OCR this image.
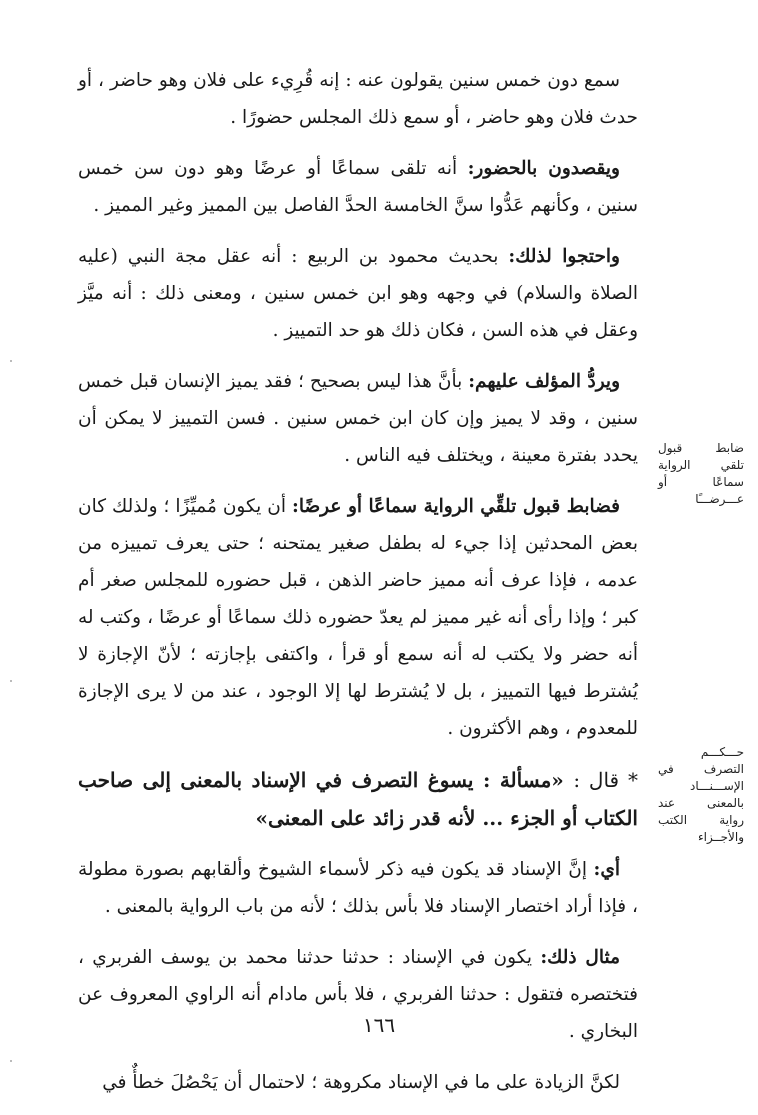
سمع دون خمس سنين يقولون عنه : إنه قُرِيء على فلان وهو حاضر ، أو حدث فلان وهو حاضر ، أو سمع ذلك المجلس حضورًا .

ويقصدون بالحضور: أنه تلقى سماعًا أو عرضًا وهو دون سن خمس سنين ، وكأنهم عَدُّوا سنَّ الخامسة الحدَّ الفاصل بين المميز وغير المميز .

واحتجوا لذلك: بحديث محمود بن الربيع : أنه عقل مجة النبي (عليه الصلاة والسلام) في وجهه وهو ابن خمس سنين ، ومعنى ذلك : أنه ميَّز وعقل في هذه السن ، فكان ذلك هو حد التمييز .

ويردُّ المؤلف عليهم: بأنَّ هذا ليس بصحيح ؛ فقد يميز الإنسان قبل خمس سنين ، وقد لا يميز وإن كان ابن خمس سنين . فسن التمييز لا يمكن أن يحدد بفترة معينة ، ويختلف فيه الناس .

فضابط قبول تلقِّي الرواية سماعًا أو عرضًا: أن يكون مُميِّزًا ؛ ولذلك كان بعض المحدثين إذا جيء له بطفل صغير يمتحنه ؛ حتى يعرف تمييزه من عدمه ، فإذا عرف أنه مميز حاضر الذهن ، قبل حضوره للمجلس صغر أم كبر ؛ وإذا رأى أنه غير مميز لم يعدّ حضوره ذلك سماعًا أو عرضًا ، وكتب له أنه حضر ولا يكتب له أنه سمع أو قرأ ، واكتفى بإجازته ؛ لأنّ الإجازة لا يُشترط فيها التمييز ، بل لا يُشترط لها إلا الوجود ، عند من لا يرى الإجازة للمعدوم ، وهم الأكثرون .

* قال : «مسألة : يسوغ التصرف في الإسناد بالمعنى إلى صاحب الكتاب أو الجزء ... لأنه قدر زائد على المعنى»

أي: إنَّ الإسناد قد يكون فيه ذكر لأسماء الشيوخ وألقابهم بصورة مطولة ، فإذا أراد اختصار الإسناد فلا بأس بذلك ؛ لأنه من باب الرواية بالمعنى .

مثال ذلك: يكون في الإسناد : حدثنا حدثنا محمد بن يوسف الفربري ، فتختصره فتقول : حدثنا الفربري ، فلا بأس مادام أنه الراوي المعروف عن البخاري .

لكنَّ الزيادة على ما في الإسناد مكروهة ؛ لاحتمال أن يَحْصُلَ خطأٌ في

ضابط قبول
تلقي الرواية
سماعًا أو
عـــرضـــًا
حـــكـــم
التصرف في
الإســـنـــاد
بالمعنى عند
رواية الكتب
والأجــزاء
١٦٦
